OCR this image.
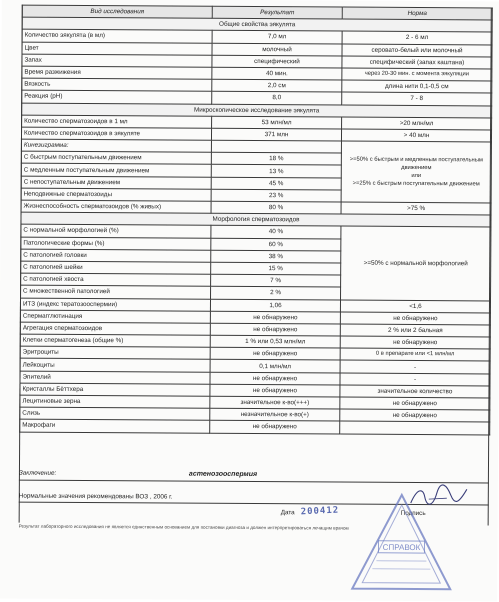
Вид исследования	Результат	Норма
Общие свойства эякулята		
Количество эякулята (в мл)	7,0 мл	2 - 6 мл
Цвет	молочный	серовато-белый или молочный
Запах	специфический	специфический (запах каштана)
Время разжижения	40 мин.	через 20-30 мин. с момента эякуляции
Вязкость	2,0 см	длина нити 0,1-0,5 см
Реакция (pH)	8,0	7 - 8
Микроскопическое исследование эякулята		
Количество сперматозоидов в 1 мл	53 млн/мл	>20 млн/мл
Количество сперматозоидов в эякуляте	371 млн	> 40 млн
Кинезиграмма:		>=50% с быстрым и медленным поступательным движением
или
>=25% с быстрым поступательным движением

С быстрым поступательным движением	18 %	
С медленным поступательным движением	13 %	
С непоступательным движением	45 %	
Неподвижные сперматозоиды	23 %	
Жизнеспособность сперматозоидов (% живых)	80 %	>75 %
Морфология сперматозоидов		
С нормальной морфологией (%)	40 %	>=50% с нормальной морфологией
Патологические формы (%)	60 %	
С патологией головки	38 %	
С патологией шейки	15 %	
С патологией хвоста	7 %	
С множественной патологией	2 %	
ИТЗ (индекс тератозооспермии)	1,06	<1,6
Спермагглютинация	не обнаружено	не обнаружено
Агрегация сперматозоидов	не обнаружено	2 % или 2 бальная
Клетки сперматогенеза (общие %)	1 % или 0,53 млн/мл	не обнаружено
Эритроциты	не обнаружено	0 в препарате или <1 млн/мл
Лейкоциты	0,1 млн/мл	-
Эпителий	не обнаружено	-
Кристаллы Бёттхера	не обнаружено	значительное количество
Лецитиновые зерна	значительное к-во(+++)	не обнаружено
Слизь	незначительное к-во(+)	не обнаружено
Макрофаги	не обнаружено	
Заключение:	астенозооспермия
Нормальные значения рекомендованы ВОЗ , 2006 г.
Дата 200412	Подпись
Результат лабораторного исследования не является единственным основанием для постановки диагноза и должен интерпретироваться лечащим врачом
СПРАВОК
